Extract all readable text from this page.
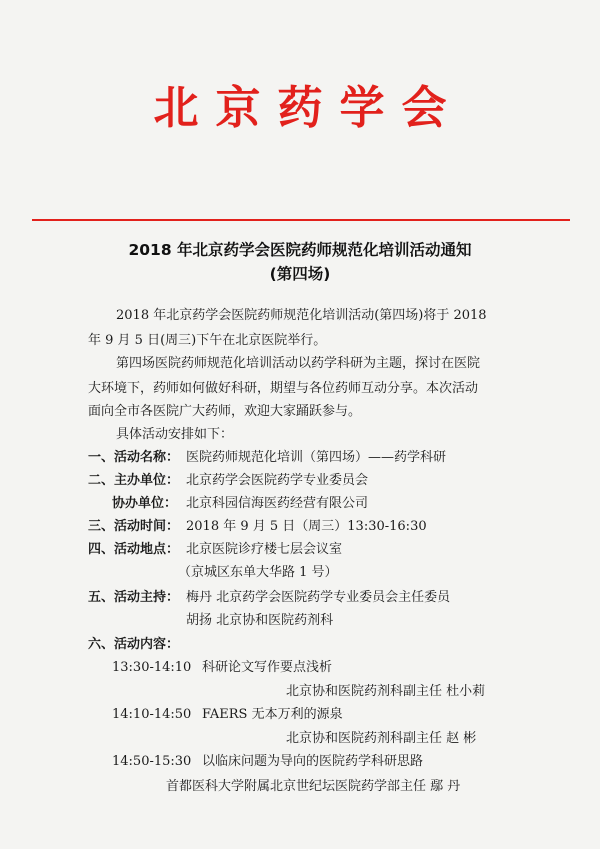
北京药学会
2018 年北京药学会医院药师规范化培训活动通知
(第四场)
2018 年北京药学会医院药师规范化培训活动(第四场)将于 2018
年 9 月 5 日(周三)下午在北京医院举行。
第四场医院药师规范化培训活动以药学科研为主题，探讨在医院
大环境下，药师如何做好科研，期望与各位药师互动分享。本次活动
面向全市各医院广大药师，欢迎大家踊跃参与。
具体活动安排如下：
一、活动名称： 医院药师规范化培训（第四场）——药学科研
二、主办单位： 北京药学会医院药学专业委员会
协办单位： 北京科园信海医药经营有限公司
三、活动时间： 2018 年 9 月 5 日（周三）13:30-16:30
四、活动地点： 北京医院诊疗楼七层会议室
（京城区东单大华路 1 号）
五、活动主持： 梅丹 北京药学会医院药学专业委员会主任委员
胡扬 北京协和医院药剂科
六、活动内容：
13:30-14:10 科研论文写作要点浅析
北京协和医院药剂科副主任 杜小莉
14:10-14:50 FAERS 无本万利的源泉
北京协和医院药剂科副主任 赵 彬
14:50-15:30 以临床问题为导向的医院药学科研思路
首都医科大学附属北京世纪坛医院药学部主任 鄢 丹
